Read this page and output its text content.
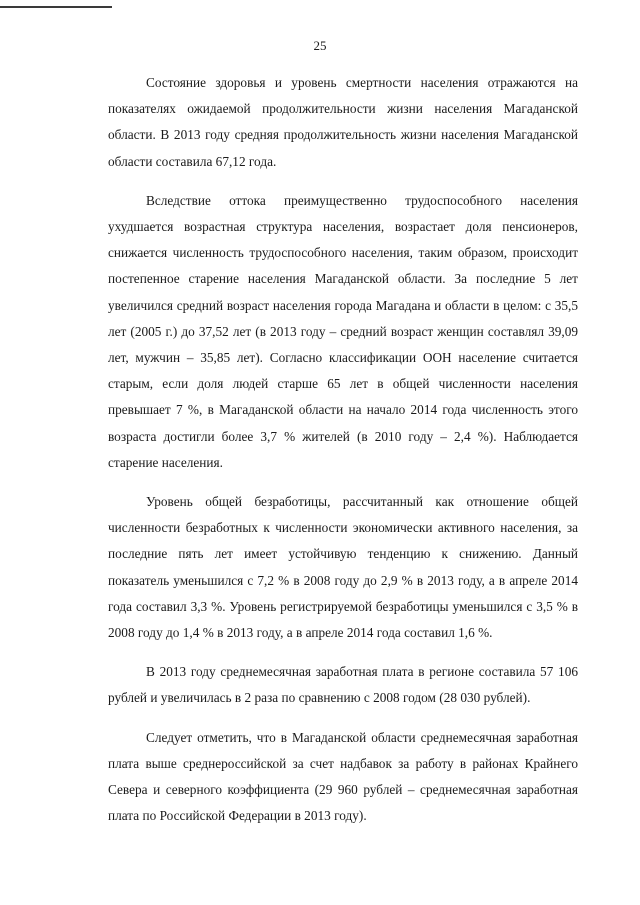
25

Состояние здоровья и уровень смертности населения отражаются на показателях ожидаемой продолжительности жизни населения Магаданской области. В 2013 году средняя продолжительность жизни населения Магаданской области составила 67,12 года.

Вследствие оттока преимущественно трудоспособного населения ухудшается возрастная структура населения, возрастает доля пенсионеров, снижается численность трудоспособного населения, таким образом, происходит постепенное старение населения Магаданской области. За последние 5 лет увеличился средний возраст населения города Магадана и области в целом: с 35,5 лет (2005 г.) до 37,52 лет (в 2013 году – средний возраст женщин составлял 39,09 лет, мужчин – 35,85 лет). Согласно классификации ООН население считается старым, если доля людей старше 65 лет в общей численности населения превышает 7 %, в Магаданской области на начало 2014 года численность этого возраста достигли более 3,7 % жителей (в 2010 году – 2,4 %). Наблюдается старение населения.

Уровень общей безработицы, рассчитанный как отношение общей численности безработных к численности экономически активного населения, за последние пять лет имеет устойчивую тенденцию к снижению. Данный показатель уменьшился с 7,2 % в 2008 году до 2,9 % в 2013 году, а в апреле 2014 года составил 3,3 %. Уровень регистрируемой безработицы уменьшился с 3,5 % в 2008 году до 1,4 % в 2013 году, а в апреле 2014 года составил 1,6 %.

В 2013 году среднемесячная заработная плата в регионе составила 57 106 рублей и увеличилась в 2 раза по сравнению с 2008 годом (28 030 рублей).

Следует отметить, что в Магаданской области среднемесячная заработная плата выше среднероссийской за счет надбавок за работу в районах Крайнего Севера и северного коэффициента (29 960 рублей – среднемесячная заработная плата по Российской Федерации в 2013 году).
